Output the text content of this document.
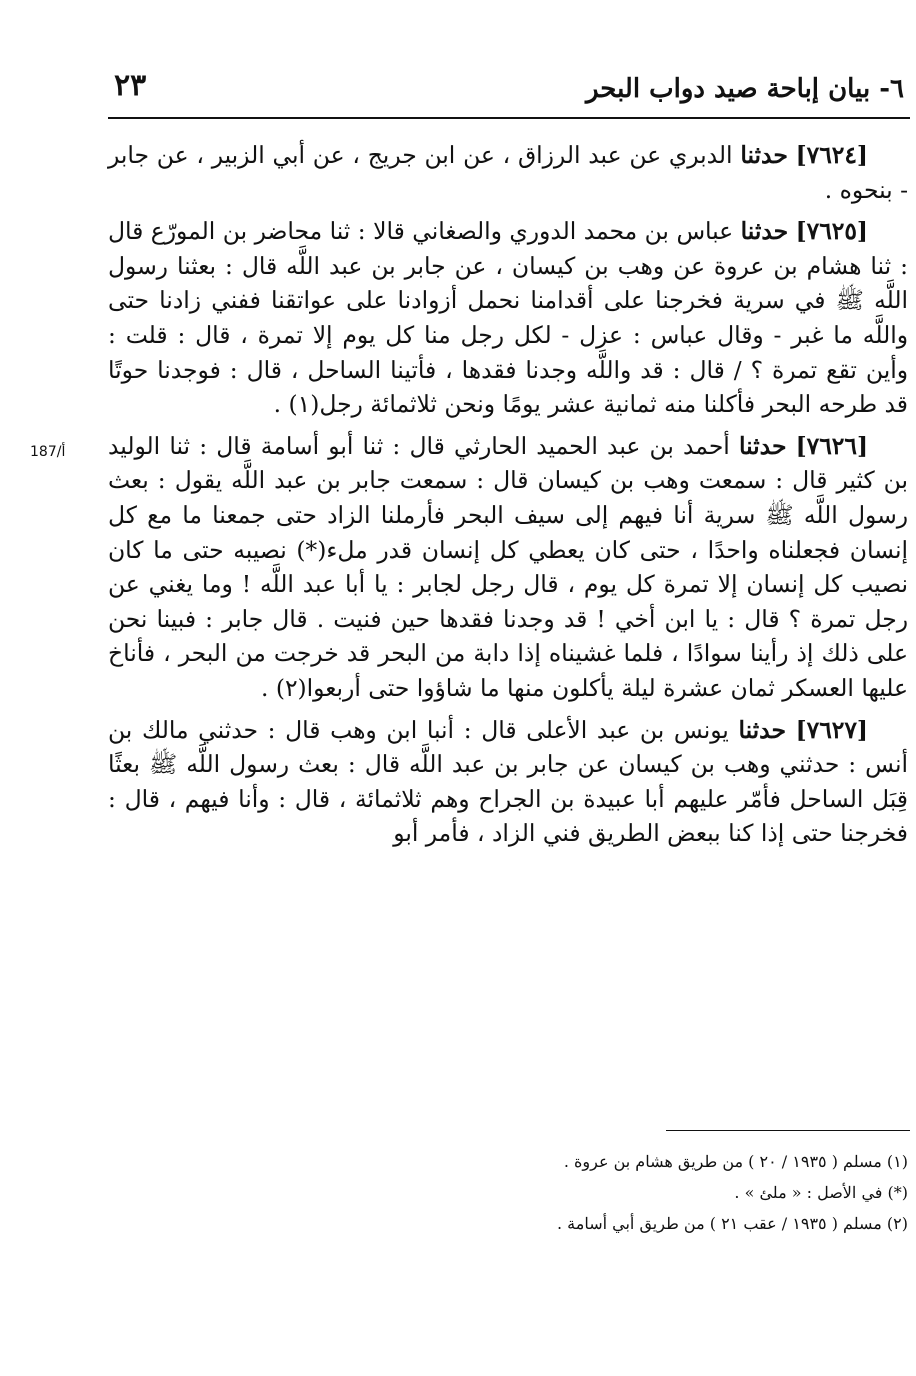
٦- بيان إباحة صيد دواب البحر
٢٣
187/أ

[٧٦٢٤] حدثنا الدبري عن عبد الرزاق ، عن ابن جريج ، عن أبي الزبير ، عن جابر - بنحوه .

[٧٦٢٥] حدثنا عباس بن محمد الدوري والصغاني قالا : ثنا محاضر بن المورّع قال : ثنا هشام بن عروة عن وهب بن كيسان ، عن جابر بن عبد اللَّه قال : بعثنا رسول اللَّه ﷺ في سرية فخرجنا على أقدامنا نحمل أزوادنا على عواتقنا ففني زادنا حتى واللَّه ما غبر - وقال عباس : عزل - لكل رجل منا كل يوم إلا تمرة ، قال : قلت : وأين تقع تمرة ؟ / قال : قد واللَّه وجدنا فقدها ، فأتينا الساحل ، قال : فوجدنا حوتًا قد طرحه البحر فأكلنا منه ثمانية عشر يومًا ونحن ثلاثمائة رجل(١) .

[٧٦٢٦] حدثنا أحمد بن عبد الحميد الحارثي قال : ثنا أبو أسامة قال : ثنا الوليد بن كثير قال : سمعت وهب بن كيسان قال : سمعت جابر بن عبد اللَّه يقول : بعث رسول اللَّه ﷺ سرية أنا فيهم إلى سيف البحر فأرملنا الزاد حتى جمعنا ما مع كل إنسان فجعلناه واحدًا ، حتى كان يعطي كل إنسان قدر ملء(*) نصيبه حتى ما كان نصيب كل إنسان إلا تمرة كل يوم ، قال رجل لجابر : يا أبا عبد اللَّه ! وما يغني عن رجل تمرة ؟ قال : يا ابن أخي ! قد وجدنا فقدها حين فنيت . قال جابر : فبينا نحن على ذلك إذ رأينا سوادًا ، فلما غشيناه إذا دابة من البحر قد خرجت من البحر ، فأناخ عليها العسكر ثمان عشرة ليلة يأكلون منها ما شاؤوا حتى أربعوا(٢) .

[٧٦٢٧] حدثنا يونس بن عبد الأعلى قال : أنبا ابن وهب قال : حدثني مالك بن أنس : حدثني وهب بن كيسان عن جابر بن عبد اللَّه قال : بعث رسول اللَّه ﷺ بعثًا قِبَل الساحل فأمّر عليهم أبا عبيدة بن الجراح وهم ثلاثمائة ، قال : وأنا فيهم ، قال : فخرجنا حتى إذا كنا ببعض الطريق فني الزاد ، فأمر أبو

(١) مسلم ( ١٩٣٥ / ٢٠ ) من طريق هشام بن عروة .

(*) في الأصل : « ملئ » .

(٢) مسلم ( ١٩٣٥ / عقب ٢١ ) من طريق أبي أسامة .
